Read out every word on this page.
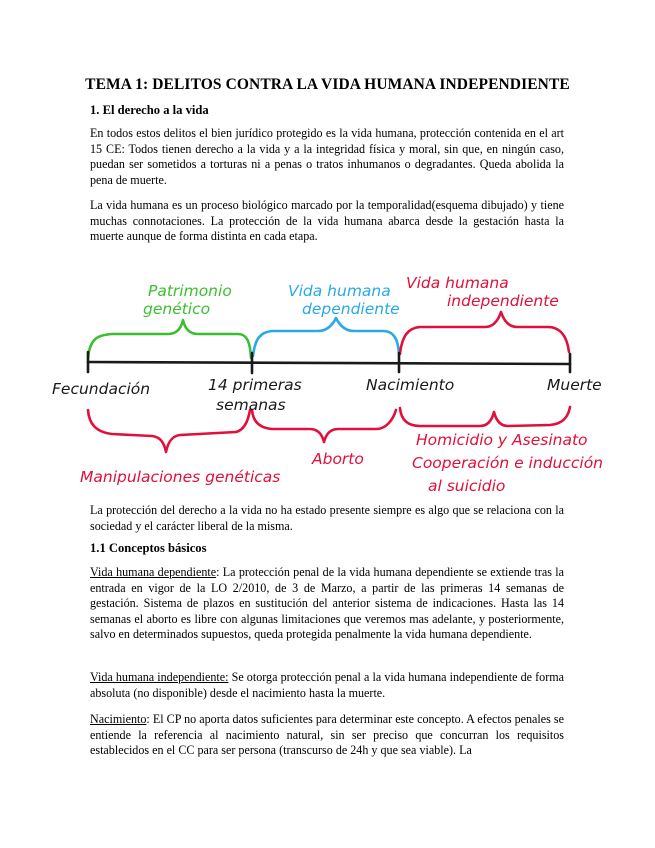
TEMA 1: DELITOS CONTRA LA VIDA HUMANA INDEPENDIENTE
1. El derecho a la vida

En todos estos delitos el bien jurídico protegido es la vida humana, protección contenida en el art 15 CE: Todos tienen derecho a la vida y a la integridad física y moral, sin que, en ningún caso, puedan ser sometidos a torturas ni a penas o tratos inhumanos o degradantes. Queda abolida la pena de muerte.

La vida humana es un proceso biológico marcado por la temporalidad(esquema dibujado) y tiene muchas connotaciones. La protección de la vida humana abarca desde la gestación hasta la muerte aunque de forma distinta en cada etapa.

Patrimonio
genético
Vida humana
dependiente
Vida humana
independiente
Fecundación	14 primeras
semanas
Nacimiento	Muerte
Manipulaciones genéticas
Aborto
Homicidio y Asesinato
Cooperación e inducción
al suicidio

La protección del derecho a la vida no ha estado presente siempre es algo que se relaciona con la sociedad y el carácter liberal de la misma.

1.1 Conceptos básicos

Vida humana dependiente: La protección penal de la vida humana dependiente se extiende tras la entrada en vigor de la LO 2/2010, de 3 de Marzo, a partir de las primeras 14 semanas de gestación. Sistema de plazos en sustitución del anterior sistema de indicaciones. Hasta las 14 semanas el aborto es libre con algunas limitaciones que veremos mas adelante, y posteriormente, salvo en determinados supuestos, queda protegida penalmente la vida humana dependiente.

Vida humana independiente: Se otorga protección penal a la vida humana independiente de forma absoluta (no disponible) desde el nacimiento hasta la muerte.

Nacimiento: El CP no aporta datos suficientes para determinar este concepto. A efectos penales se entiende la referencia al nacimiento natural, sin ser preciso que concurran los requisitos establecidos en el CC para ser persona (transcurso de 24h y que sea viable). La
